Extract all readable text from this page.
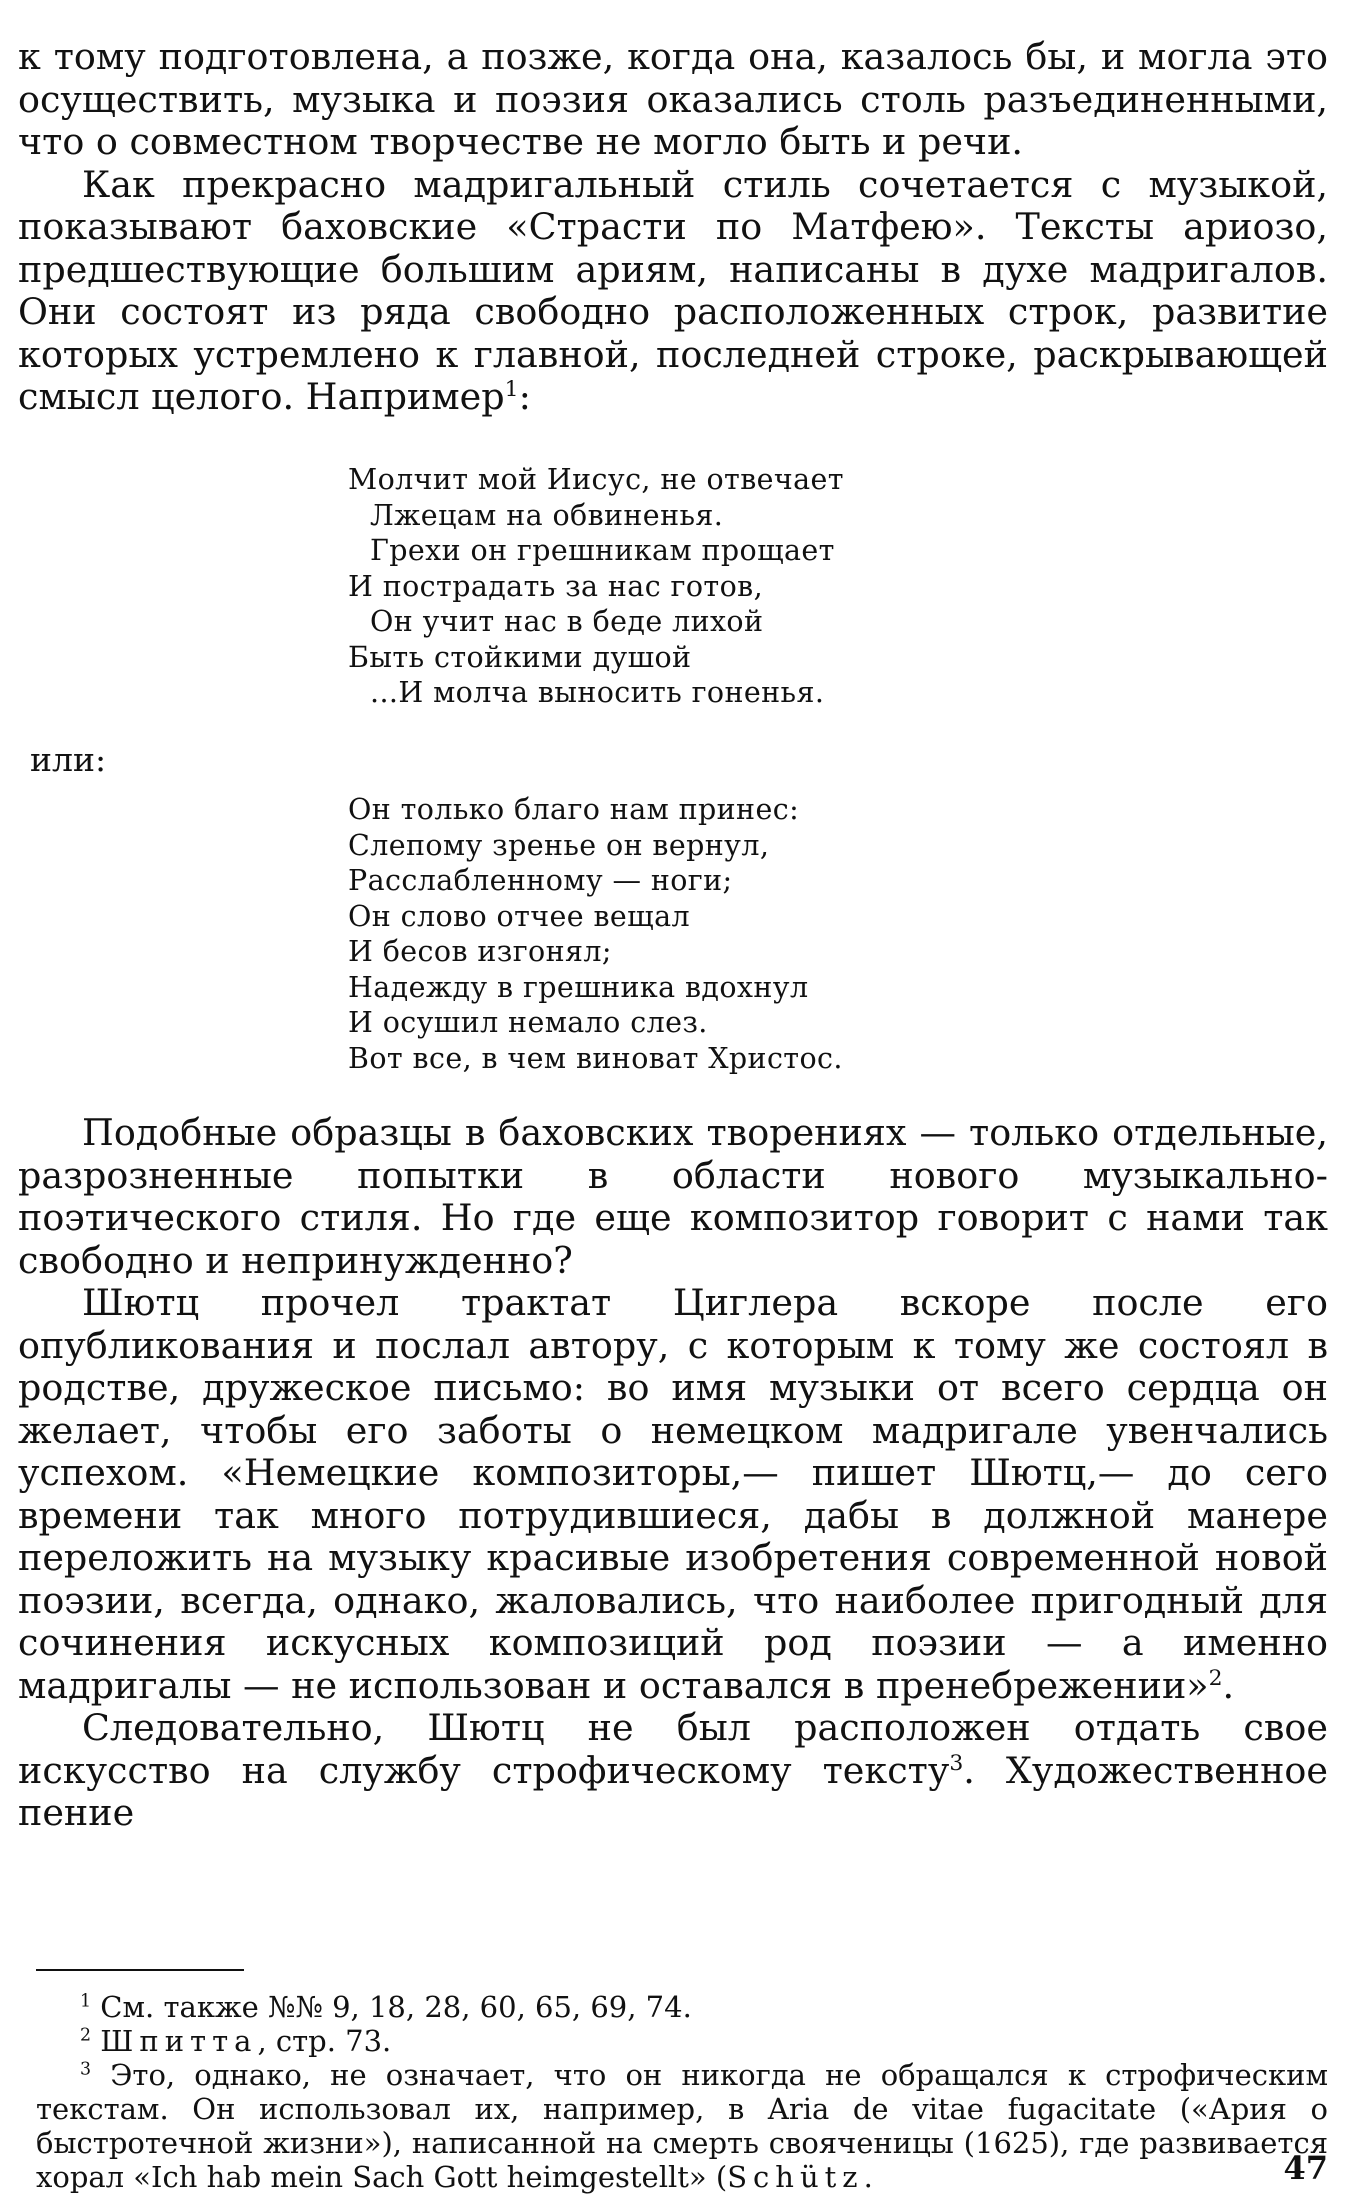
к тому подготовлена, а позже, когда она, казалось бы, и могла это осуществить, музыка и поэзия оказались столь разъединенными, что о совместном творчестве не могло быть и речи.

Как прекрасно мадригальный стиль сочетается с музыкой, показывают баховские «Страсти по Матфею». Тексты ариозо, предшествующие большим ариям, написаны в духе мадригалов. Они состоят из ряда свободно расположенных строк, развитие которых устремлено к главной, последней строке, раскрывающей смысл целого. Например$^1$:

Молчит мой Иисус, не отвечает
Лжецам на обвиненья.
Грехи он грешникам прощает
И пострадать за нас готов,
Он учит нас в беде лихой
Быть стойкими душой
...И молча выносить гоненья.
или:
Он только благо нам принес:
Слепому зренье он вернул,
Расслабленному — ноги;
Он слово отчее вещал
И бесов изгонял;
Надежду в грешника вдохнул
И осушил немало слез.
Вот все, в чем виноват Христос.

Подобные образцы в баховских творениях — только отдельные, разрозненные попытки в области нового музыкально-поэтического стиля. Но где еще композитор говорит с нами так свободно и непринужденно?

Шютц прочел трактат Циглера вскоре после его опубликования и послал автору, с которым к тому же состоял в родстве, дружеское письмо: во имя музыки от всего сердца он желает, чтобы его заботы о немецком мадригале увенчались успехом. «Немецкие композиторы,— пишет Шютц,— до сего времени так много потрудившиеся, дабы в должной манере переложить на музыку красивые изобретения современной новой поэзии, всегда, однако, жаловались, что наиболее пригодный для сочинения искусных композиций род поэзии — а именно мадригалы — не использован и оставался в пренебрежении»$^2$.

Следовательно, Шютц не был расположен отдать свое искусство на службу строфическому тексту$^3$. Художественное пение

$^1$ См. также №№ 9, 18, 28, 60, 65, 69, 74.

$^2$ Шпитта, стр. 73.

$^3$ Это, однако, не означает, что он никогда не обращался к строфическим текстам. Он использовал их, например, в Aria de vitae fugacitate («Ария о быстротечной жизни»), написанной на смерть свояченицы (1625), где развивается хорал «Ich hab mein Sach Gott heimgestellt» (Schütz.	47
